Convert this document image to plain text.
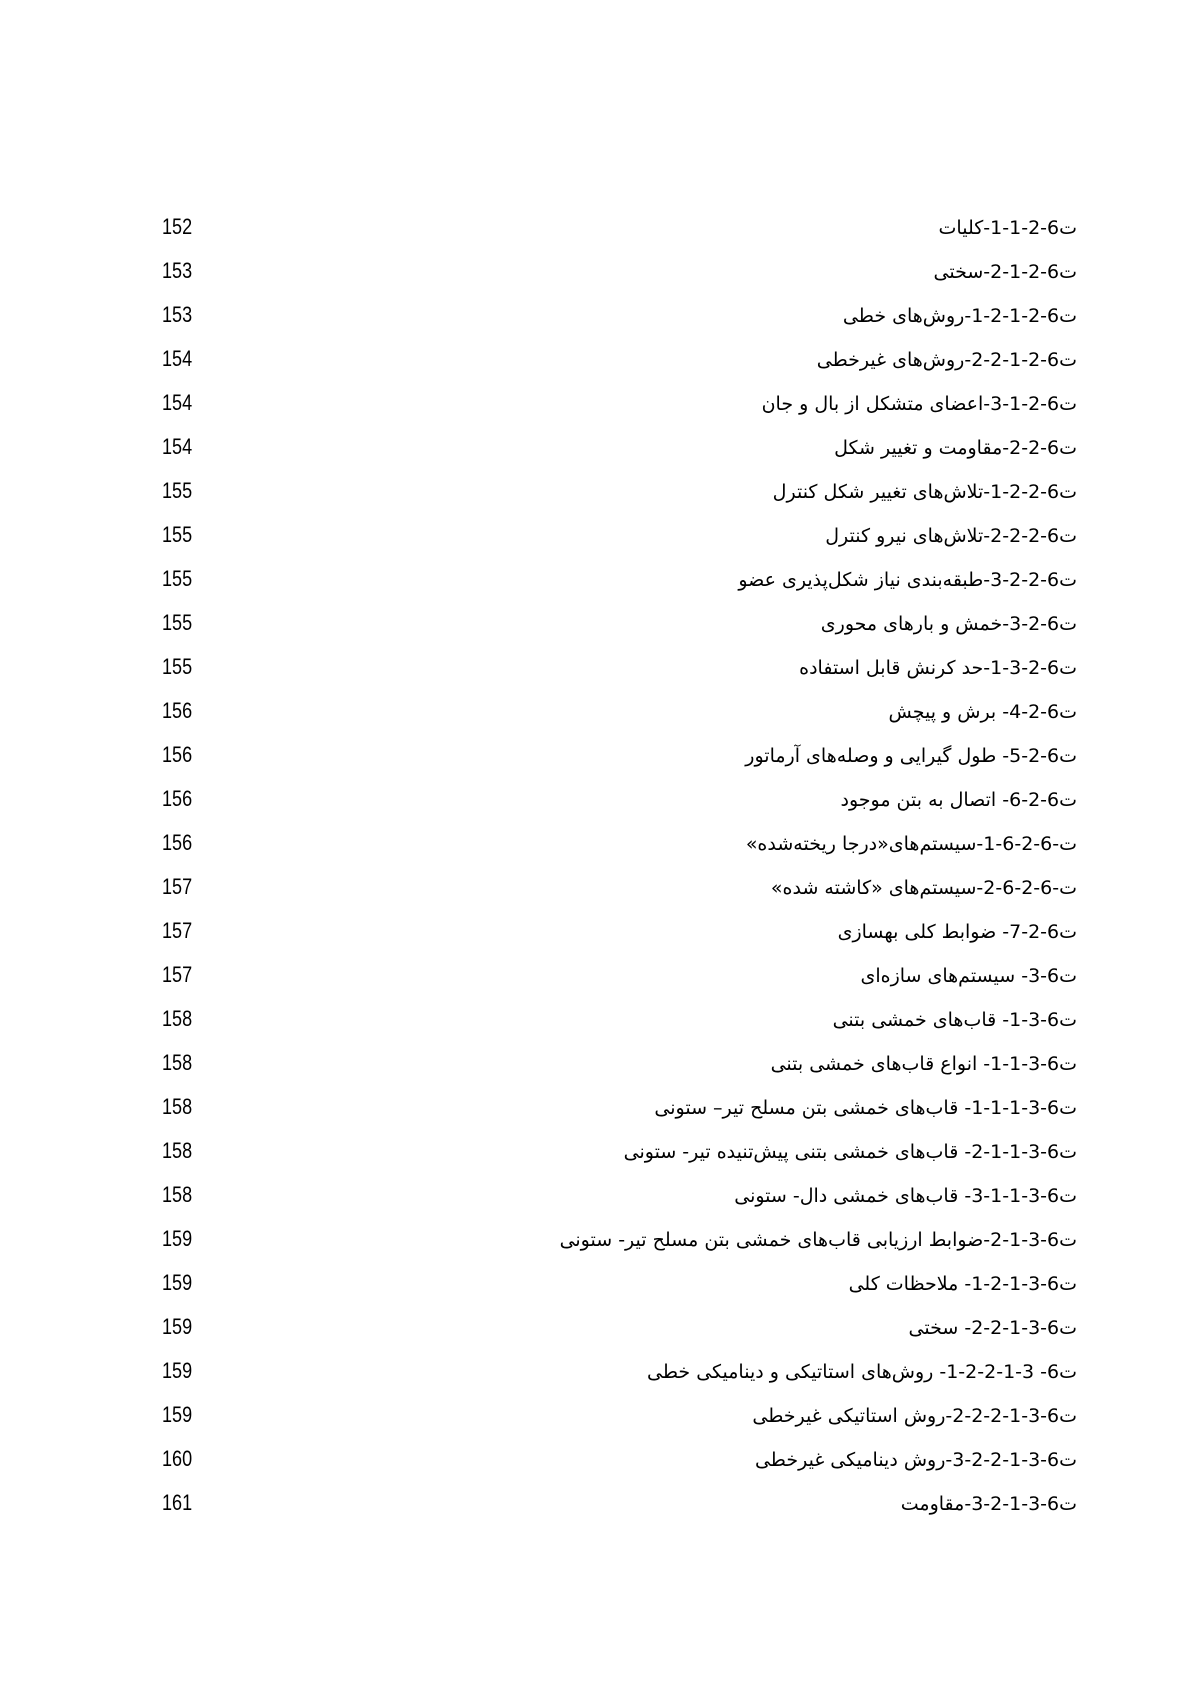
ت6-2-1-1-كليات
152
ت6-2-1-2-سختی
153
ت6-2-1-2-1-روش‌های خطی
153
ت6-2-1-2-2-روش‌های غیرخطی
154
ت6-2-1-3-اعضای متشکل از بال و جان
154
ت6-2-2-مقاومت و تغییر شکل
154
ت6-2-2-1-تلاش‌های تغییر شکل کنترل
155
ت6-2-2-2-تلاش‌های نیرو کنترل
155
ت6-2-2-3-طبقه‌بندی نیاز شکل‌پذیری عضو
155
ت6-2-3-خمش و بارهای محوری
155
ت6-2-3-1-حد کرنش قابل استفاده
155
ت6-2-4- برش و پیچش
156
ت6-2-5- طول گیرایی و وصله‌های آرماتور
156
ت6-2-6- اتصال به بتن موجود
156
ت-6-2-6-1-سیستم‌های«درجا ریخته‌شده»
156
ت-6-2-6-2-سیستم‌های «کاشته شده»
157
ت6-2-7- ضوابط کلی بهسازی
157
ت6-3- سیستم‌های سازه‌ای
157
ت6-3-1- قاب‌های خمشی بتنی
158
ت6-3-1-1- انواع قاب‌های خمشی بتنی
158
ت6-3-1-1-1- قاب‌های خمشی بتن مسلح تیر– ستونی
158
ت6-3-1-1-2- قاب‌های خمشی بتنی پیش‌تنیده تیر- ستونی
158
ت6-3-1-1-3- قاب‌های خمشی دال- ستونی
158
ت6-3-1-2-ضوابط ارزیابی قاب‌های خمشی بتن مسلح تیر- ستونی
159
ت6-3-1-2-1- ملاحظات کلی
159
ت6-3-1-2-2- سختی
159
ت6- 3-1-2-2-1- روش‌های استاتیکی و دینامیکی خطی
159
ت6-3-1-2-2-2-روش استاتیکی غیرخطی
159
ت6-3-1-2-2-3-روش دینامیکی غیرخطی
160
ت6-3-1-2-3-مقاومت
161
